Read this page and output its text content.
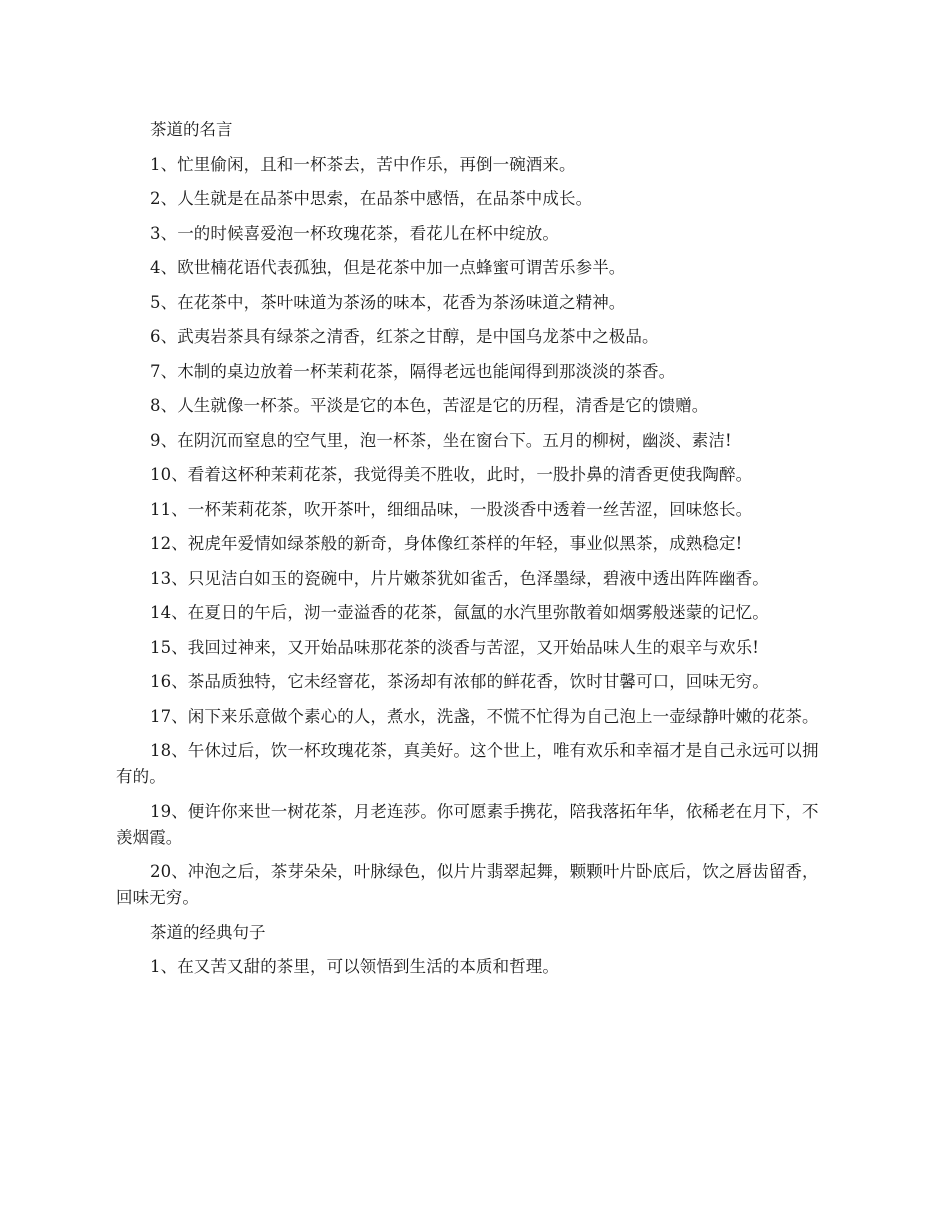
茶道的名言

1、忙里偷闲，且和一杯茶去，苦中作乐，再倒一碗酒来。

2、人生就是在品茶中思索，在品茶中感悟，在品茶中成长。

3、一的时候喜爱泡一杯玫瑰花茶，看花儿在杯中绽放。

4、欧世楠花语代表孤独，但是花茶中加一点蜂蜜可谓苦乐参半。

5、在花茶中，茶叶味道为茶汤的味本，花香为茶汤味道之精神。

6、武夷岩茶具有绿茶之清香，红茶之甘醇，是中国乌龙茶中之极品。

7、木制的桌边放着一杯茉莉花茶，隔得老远也能闻得到那淡淡的茶香。

8、人生就像一杯茶。平淡是它的本色，苦涩是它的历程，清香是它的馈赠。

9、在阴沉而窒息的空气里，泡一杯茶，坐在窗台下。五月的柳树，幽淡、素洁!

10、看着这杯种茉莉花茶，我觉得美不胜收，此时，一股扑鼻的清香更使我陶醉。

11、一杯茉莉花茶，吹开茶叶，细细品味，一股淡香中透着一丝苦涩，回味悠长。

12、祝虎年爱情如绿茶般的新奇，身体像红茶样的年轻，事业似黑茶，成熟稳定!

13、只见洁白如玉的瓷碗中，片片嫩茶犹如雀舌，色泽墨绿，碧液中透出阵阵幽香。

14、在夏日的午后，沏一壶溢香的花茶，氤氲的水汽里弥散着如烟雾般迷蒙的记忆。

15、我回过神来，又开始品味那花茶的淡香与苦涩，又开始品味人生的艰辛与欢乐!

16、茶品质独特，它未经窨花，茶汤却有浓郁的鲜花香，饮时甘馨可口，回味无穷。

17、闲下来乐意做个素心的人，煮水，洗盏，不慌不忙得为自己泡上一壶绿静叶嫩的花茶。

18、午休过后，饮一杯玫瑰花茶，真美好。这个世上，唯有欢乐和幸福才是自己永远可以拥有的。

19、便许你来世一树花茶，月老连莎。你可愿素手携花，陪我落拓年华，依稀老在月下，不羡烟霞。

20、冲泡之后，茶芽朵朵，叶脉绿色，似片片翡翠起舞，颗颗叶片卧底后，饮之唇齿留香，回味无穷。

茶道的经典句子

1、在又苦又甜的茶里，可以领悟到生活的本质和哲理。
